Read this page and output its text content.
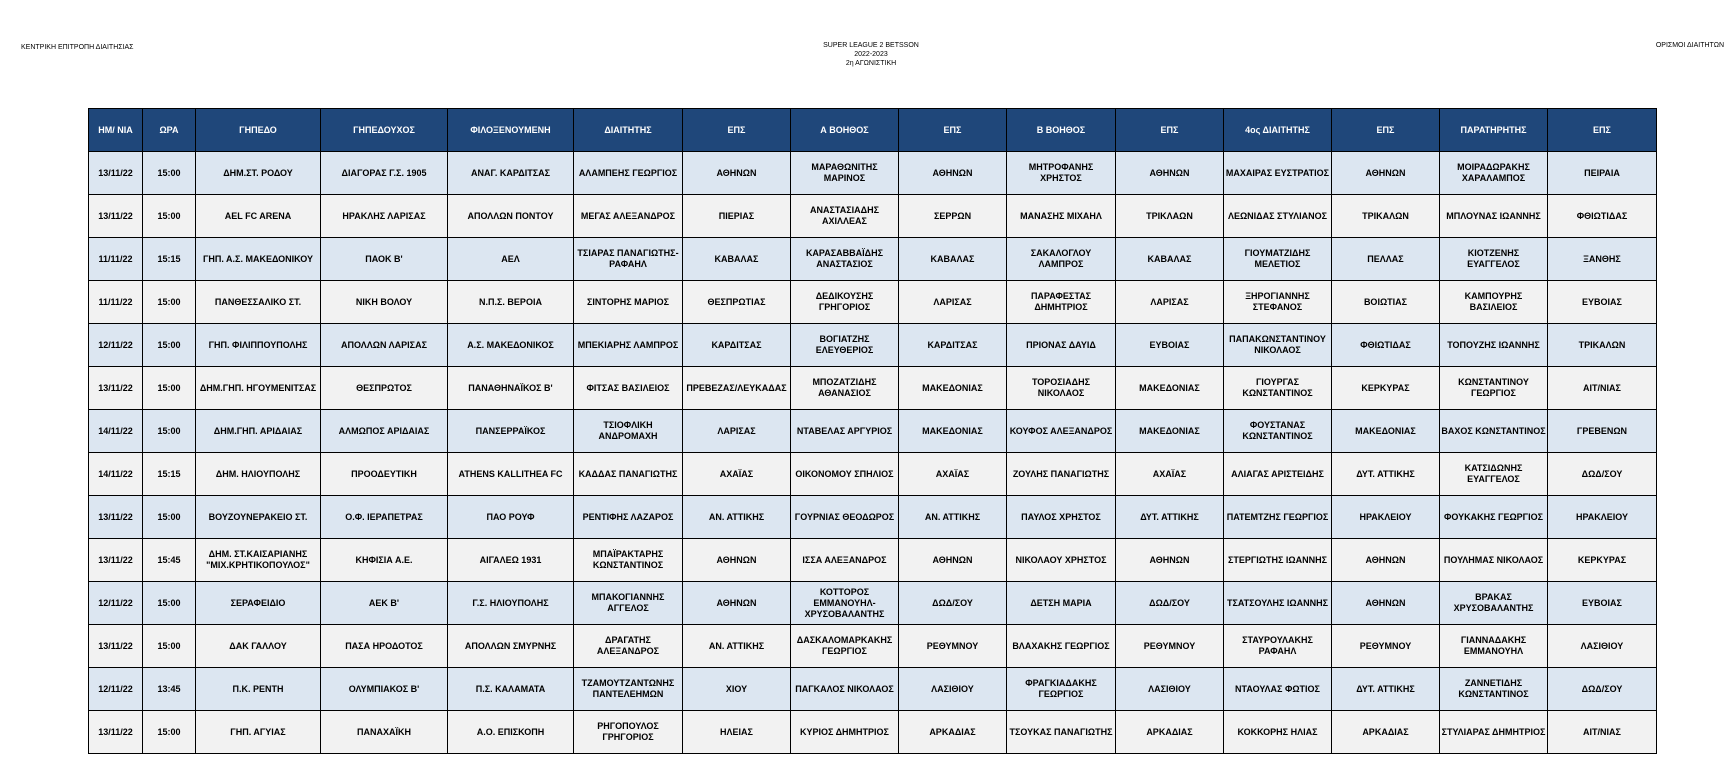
ΚΕΝΤΡΙΚΗ ΕΠΙΤΡΟΠΗ ΔΙΑΙΤΗΣΙΑΣ	SUPER LEAGUE 2 BETSSON
2022-2023
2η ΑΓΩΝΙΣΤΙΚΗ
ΟΡΙΣΜΟΙ ΔΙΑΙΤΗΤΩΝ
ΗΜ/ ΝΙΑ	ΩΡΑ	ΓΗΠΕΔΟ	ΓΗΠΕΔΟΥΧΟΣ	ΦΙΛΟΞΕΝΟΥΜΕΝΗ	ΔΙΑΙΤΗΤΗΣ	ΕΠΣ	Α ΒΟΗΘΟΣ	ΕΠΣ	Β ΒΟΗΘΟΣ	ΕΠΣ	4ος ΔΙΑΙΤΗΤΗΣ	ΕΠΣ	ΠΑΡΑΤΗΡΗΤΗΣ	ΕΠΣ
13/11/22	15:00	ΔΗΜ.ΣΤ. ΡΟΔΟΥ	ΔΙΑΓΟΡΑΣ Γ.Σ. 1905	ΑΝΑΓ. ΚΑΡΔΙΤΣΑΣ	ΑΛΑΜΠΕΗΣ ΓΕΩΡΓΙΟΣ	ΑΘΗΝΩΝ	ΜΑΡΑΘΩΝΙΤΗΣ ΜΑΡΙΝΟΣ	ΑΘΗΝΩΝ	ΜΗΤΡΟΦΑΝΗΣ ΧΡΗΣΤΟΣ	ΑΘΗΝΩΝ	ΜΑΧΑΙΡΑΣ ΕΥΣΤΡΑΤΙΟΣ	ΑΘΗΝΩΝ	ΜΟΙΡΑΔΩΡΑΚΗΣ ΧΑΡΑΛΑΜΠΟΣ	ΠΕΙΡΑΙΑ
13/11/22	15:00	AEL FC ARENA	ΗΡΑΚΛΗΣ ΛΑΡΙΣΑΣ	ΑΠΟΛΛΩΝ ΠΟΝΤΟΥ	ΜΕΓΑΣ ΑΛΕΞΑΝΔΡΟΣ	ΠΙΕΡΙΑΣ	ΑΝΑΣΤΑΣΙΑΔΗΣ ΑΧΙΛΛΕΑΣ	ΣΕΡΡΩΝ	ΜΑΝΑΣΗΣ ΜΙΧΑΗΛ	ΤΡΙΚΛΑΩΝ	ΛΕΩΝΙΔΑΣ ΣΤΥΛΙΑΝΟΣ	ΤΡΙΚΑΛΩΝ	ΜΠΛΟΥΝΑΣ ΙΩΑΝΝΗΣ	ΦΘΙΩΤΙΔΑΣ
11/11/22	15:15	ΓΗΠ. Α.Σ. ΜΑΚΕΔΟΝΙΚΟΥ	ΠΑΟΚ Β'	ΑΕΛ	ΤΣΙΑΡΑΣ ΠΑΝΑΓΙΩΤΗΣ-ΡΑΦΑΗΛ	ΚΑΒΑΛΑΣ	ΚΑΡΑΣΑΒΒΑΪΔΗΣ ΑΝΑΣΤΑΣΙΟΣ	ΚΑΒΑΛΑΣ	ΣΑΚΑΛΟΓΛΟΥ ΛΑΜΠΡΟΣ	ΚΑΒΑΛΑΣ	ΓΙΟΥΜΑΤΖΙΔΗΣ ΜΕΛΕΤΙΟΣ	ΠΕΛΛΑΣ	ΚΙΟΤΖΕΝΗΣ ΕΥΑΓΓΕΛΟΣ	ΞΑΝΘΗΣ
11/11/22	15:00	ΠΑΝΘΕΣΣΑΛΙΚΟ ΣΤ.	ΝΙΚΗ ΒΟΛΟΥ	Ν.Π.Σ. ΒΕΡΟΙΑ	ΣΙΝΤΟΡΗΣ ΜΑΡΙΟΣ	ΘΕΣΠΡΩΤΙΑΣ	ΔΕΔΙΚΟΥΣΗΣ ΓΡΗΓΟΡΙΟΣ	ΛΑΡΙΣΑΣ	ΠΑΡΑΦΕΣΤΑΣ ΔΗΜΗΤΡΙΟΣ	ΛΑΡΙΣΑΣ	ΞΗΡΟΓΙΑΝΝΗΣ ΣΤΕΦΑΝΟΣ	ΒΟΙΩΤΙΑΣ	ΚΑΜΠΟΥΡΗΣ ΒΑΣΙΛΕΙΟΣ	ΕΥΒΟΙΑΣ
12/11/22	15:00	ΓΗΠ. ΦΙΛΙΠΠΟΥΠΟΛΗΣ	ΑΠΟΛΛΩΝ ΛΑΡΙΣΑΣ	Α.Σ. ΜΑΚΕΔΟΝΙΚΟΣ	ΜΠΕΚΙΑΡΗΣ ΛΑΜΠΡΟΣ	ΚΑΡΔΙΤΣΑΣ	ΒΟΓΙΑΤΖΗΣ ΕΛΕΥΘΕΡΙΟΣ	ΚΑΡΔΙΤΣΑΣ	ΠΡΙΟΝΑΣ ΔΑΥΙΔ	ΕΥΒΟΙΑΣ	ΠΑΠΑΚΩΝΣΤΑΝΤΙΝΟΥ ΝΙΚΟΛΑΟΣ	ΦΘΙΩΤΙΔΑΣ	ΤΟΠΟΥΖΗΣ ΙΩΑΝΝΗΣ	ΤΡΙΚΑΛΩΝ
13/11/22	15:00	ΔΗΜ.ΓΗΠ. ΗΓΟΥΜΕΝΙΤΣΑΣ	ΘΕΣΠΡΩΤΟΣ	ΠΑΝΑΘΗΝΑΪΚΟΣ Β'	ΦΙΤΣΑΣ ΒΑΣΙΛΕΙΟΣ	ΠΡΕΒΕΖΑΣ/ΛΕΥΚΑΔΑΣ	ΜΠΟΖΑΤΖΙΔΗΣ ΑΘΑΝΑΣΙΟΣ	ΜΑΚΕΔΟΝΙΑΣ	ΤΟΡΟΣΙΑΔΗΣ ΝΙΚΟΛΑΟΣ	ΜΑΚΕΔΟΝΙΑΣ	ΓΙΟΥΡΓΑΣ ΚΩΝΣΤΑΝΤΙΝΟΣ	ΚΕΡΚΥΡΑΣ	ΚΩΝΣΤΑΝΤΙΝΟΥ ΓΕΩΡΓΙΟΣ	ΑΙΤ/ΝΙΑΣ
14/11/22	15:00	ΔΗΜ.ΓΗΠ. ΑΡΙΔΑΙΑΣ	ΑΛΜΩΠΟΣ ΑΡΙΔΑΙΑΣ	ΠΑΝΣΕΡΡΑΪΚΟΣ	ΤΣΙΟΦΛΙΚΗ ΑΝΔΡΟΜΑΧΗ	ΛΑΡΙΣΑΣ	ΝΤΑΒΕΛΑΣ ΑΡΓΥΡΙΟΣ	ΜΑΚΕΔΟΝΙΑΣ	ΚΟΥΦΟΣ ΑΛΕΞΑΝΔΡΟΣ	ΜΑΚΕΔΟΝΙΑΣ	ΦΟΥΣΤΑΝΑΣ ΚΩΝΣΤΑΝΤΙΝΟΣ	ΜΑΚΕΔΟΝΙΑΣ	ΒΑΧΟΣ ΚΩΝΣΤΑΝΤΙΝΟΣ	ΓΡΕΒΕΝΩΝ
14/11/22	15:15	ΔΗΜ. ΗΛΙΟΥΠΟΛΗΣ	ΠΡΟΟΔΕΥΤΙΚΗ	ATHENS KALLITHEA FC	ΚΑΔΔΑΣ ΠΑΝΑΓΙΩΤΗΣ	ΑΧΑΪΑΣ	ΟΙΚΟΝΟΜΟΥ ΣΠΗΛΙΟΣ	ΑΧΑΪΑΣ	ΖΟΥΛΗΣ ΠΑΝΑΓΙΩΤΗΣ	ΑΧΑΪΑΣ	ΑΛΙΑΓΑΣ ΑΡΙΣΤΕΙΔΗΣ	ΔΥΤ. ΑΤΤΙΚΗΣ	ΚΑΤΣΙΔΩΝΗΣ ΕΥΑΓΓΕΛΟΣ	ΔΩΔ/ΣΟΥ
13/11/22	15:00	ΒΟΥΖΟΥΝΕΡΑΚΕΙΟ ΣΤ.	Ο.Φ. ΙΕΡΑΠΕΤΡΑΣ	ΠΑΟ ΡΟΥΦ	ΡΕΝΤΙΦΗΣ ΛΑΖΑΡΟΣ	ΑΝ. ΑΤΤΙΚΗΣ	ΓΟΥΡΝΙΑΣ ΘΕΟΔΩΡΟΣ	ΑΝ. ΑΤΤΙΚΗΣ	ΠΑΥΛΟΣ ΧΡΗΣΤΟΣ	ΔΥΤ. ΑΤΤΙΚΗΣ	ΠΑΤΕΜΤΖΗΣ ΓΕΩΡΓΙΟΣ	ΗΡΑΚΛΕΙΟΥ	ΦΟΥΚΑΚΗΣ ΓΕΩΡΓΙΟΣ	ΗΡΑΚΛΕΙΟΥ
13/11/22	15:45	ΔΗΜ. ΣΤ.ΚΑΙΣΑΡΙΑΝΗΣ "ΜΙΧ.ΚΡΗΤΙΚΟΠΟΥΛΟΣ"	ΚΗΦΙΣΙΑ Α.Ε.	ΑΙΓΑΛΕΩ 1931	ΜΠΑΪΡΑΚΤΑΡΗΣ ΚΩΝΣΤΑΝΤΙΝΟΣ	ΑΘΗΝΩΝ	ΙΣΣΑ ΑΛΕΞΑΝΔΡΟΣ	ΑΘΗΝΩΝ	ΝΙΚΟΛΑΟΥ ΧΡΗΣΤΟΣ	ΑΘΗΝΩΝ	ΣΤΕΡΓΙΩΤΗΣ ΙΩΑΝΝΗΣ	ΑΘΗΝΩΝ	ΠΟΥΛΗΜΑΣ ΝΙΚΟΛΑΟΣ	ΚΕΡΚΥΡΑΣ
12/11/22	15:00	ΣΕΡΑΦΕΙΔΙΟ	ΑΕΚ Β'	Γ.Σ. ΗΛΙΟΥΠΟΛΗΣ	ΜΠΑΚΟΓΙΑΝΝΗΣ ΑΓΓΕΛΟΣ	ΑΘΗΝΩΝ	ΚΟΤΤΟΡΟΣ ΕΜΜΑΝΟΥΗΛ-ΧΡΥΣΟΒΑΛΑΝΤΗΣ	ΔΩΔ/ΣΟΥ	ΔΕΤΣΗ ΜΑΡΙΑ	ΔΩΔ/ΣΟΥ	ΤΣΑΤΣΟΥΛΗΣ ΙΩΑΝΝΗΣ	ΑΘΗΝΩΝ	ΒΡΑΚΑΣ ΧΡΥΣΟΒΑΛΑΝΤΗΣ	ΕΥΒΟΙΑΣ
13/11/22	15:00	ΔΑΚ ΓΑΛΛΟΥ	ΠΑΣΑ ΗΡΟΔΟΤΟΣ	ΑΠΟΛΛΩΝ ΣΜΥΡΝΗΣ	ΔΡΑΓΑΤΗΣ ΑΛΕΞΑΝΔΡΟΣ	ΑΝ. ΑΤΤΙΚΗΣ	ΔΑΣΚΑΛΟΜΑΡΚΑΚΗΣ ΓΕΩΡΓΙΟΣ	ΡΕΘΥΜΝΟΥ	ΒΛΑΧΑΚΗΣ ΓΕΩΡΓΙΟΣ	ΡΕΘΥΜΝΟΥ	ΣΤΑΥΡΟΥΛΑΚΗΣ ΡΑΦΑΗΛ	ΡΕΘΥΜΝΟΥ	ΓΙΑΝΝΑΔΑΚΗΣ ΕΜΜΑΝΟΥΗΛ	ΛΑΣΙΘΙΟΥ
12/11/22	13:45	Π.Κ. ΡΕΝΤΗ	ΟΛΥΜΠΙΑΚΟΣ Β'	Π.Σ. ΚΑΛΑΜΑΤΑ	ΤΖΑΜΟΥΤΖΑΝΤΩΝΗΣ ΠΑΝΤΕΛΕΗΜΩΝ	ΧΙΟΥ	ΠΑΓΚΑΛΟΣ ΝΙΚΟΛΑΟΣ	ΛΑΣΙΘΙΟΥ	ΦΡΑΓΚΙΑΔΑΚΗΣ ΓΕΩΡΓΙΟΣ	ΛΑΣΙΘΙΟΥ	ΝΤΑΟΥΛΑΣ ΦΩΤΙΟΣ	ΔΥΤ. ΑΤΤΙΚΗΣ	ΖΑΝΝΕΤΙΔΗΣ ΚΩΝΣΤΑΝΤΙΝΟΣ	ΔΩΔ/ΣΟΥ
13/11/22	15:00	ΓΗΠ. ΑΓΥΙΑΣ	ΠΑΝΑΧΑΪΚΗ	Α.Ο. ΕΠΙΣΚΟΠΗ	ΡΗΓΟΠΟΥΛΟΣ ΓΡΗΓΟΡΙΟΣ	ΗΛΕΙΑΣ	ΚΥΡΙΟΣ ΔΗΜΗΤΡΙΟΣ	ΑΡΚΑΔΙΑΣ	ΤΣΟΥΚΑΣ ΠΑΝΑΓΙΩΤΗΣ	ΑΡΚΑΔΙΑΣ	ΚΟΚΚΟΡΗΣ ΗΛΙΑΣ	ΑΡΚΑΔΙΑΣ	ΣΤΥΛΙΑΡΑΣ ΔΗΜΗΤΡΙΟΣ	ΑΙΤ/ΝΙΑΣ
